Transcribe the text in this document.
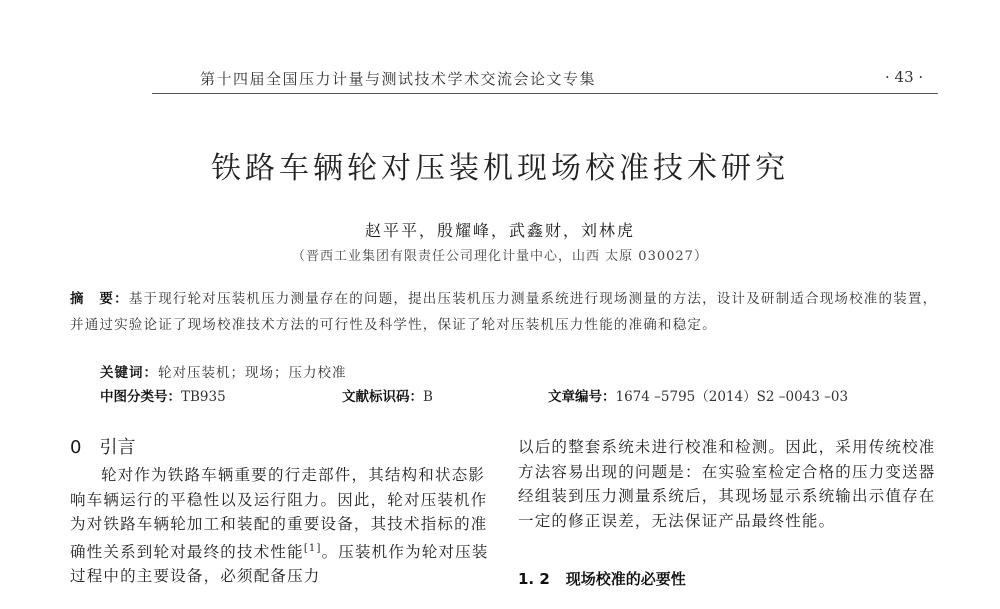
第十四届全国压力计量与测试技术学术交流会论文专集	· 43 ·
铁路车辆轮对压装机现场校准技术研究
赵平平，殷耀峰，武鑫财，刘林虎
（晋西工业集团有限责任公司理化计量中心，山西 太原 030027）
摘　要：基于现行轮对压装机压力测量存在的问题，提出压装机压力测量系统进行现场测量的方法，设计及研制适合现场校准的装置，并通过实验论证了现场校准技术方法的可行性及科学性，保证了轮对压装机压力性能的准确和稳定。
关键词：轮对压装机；现场；压力校准
中图分类号：TB935	文献标识码：B	文章编号：1674 –5795（2014）S2 –0043 –03
0 引言
轮对作为铁路车辆重要的行走部件，其结构和状态影响车辆运行的平稳性以及运行阻力。因此，轮对压装机作为对铁路车辆轮加工和装配的重要设备，其技术指标的准确性关系到轮对最终的技术性能[1]。压装机作为轮对压装过程中的主要设备，必须配备压力
以后的整套系统未进行校准和检测。因此，采用传统校准方法容易出现的问题是：在实验室检定合格的压力变送器经组装到压力测量系统后，其现场显示系统输出示值存在一定的修正误差，无法保证产品最终性能。
1. 2 现场校准的必要性
